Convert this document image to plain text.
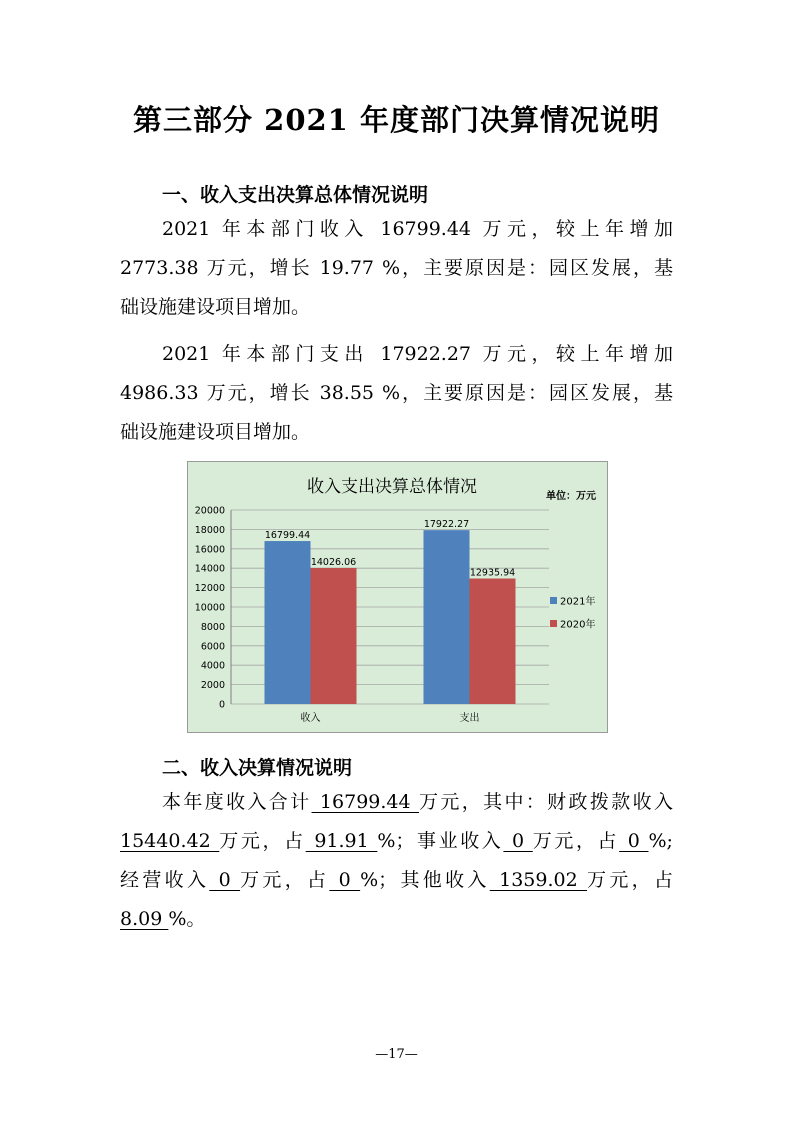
第三部分 2021 年度部门决算情况说明
一、收入支出决算总体情况说明
2021 年本部门收入 16799.44 万元，较上年增加
2773.38 万元，增长 19.77 %，主要原因是：园区发展，基
础设施建设项目增加。
2021 年本部门支出 17922.27 万元，较上年增加
4986.33 万元，增长 38.55 %，主要原因是：园区发展，基
础设施建设项目增加。
收入支出决算总体情况	单位：万元
0
2000
4000
6000
8000
10000
12000
14000
16000
18000
20000
16799.44
14026.06
收入
17922.27
12935.94
支出
2021年
2020年
二、收入决算情况说明
本年度收入合计 16799.44 万元，其中：财政拨款收入
15440.42 万元，占 91.91 %；事业收入 0 万元，占 0 %;
经营收入 0 万元，占 0 %；其他收入 1359.02 万元，占
8.09 %。
—17—
